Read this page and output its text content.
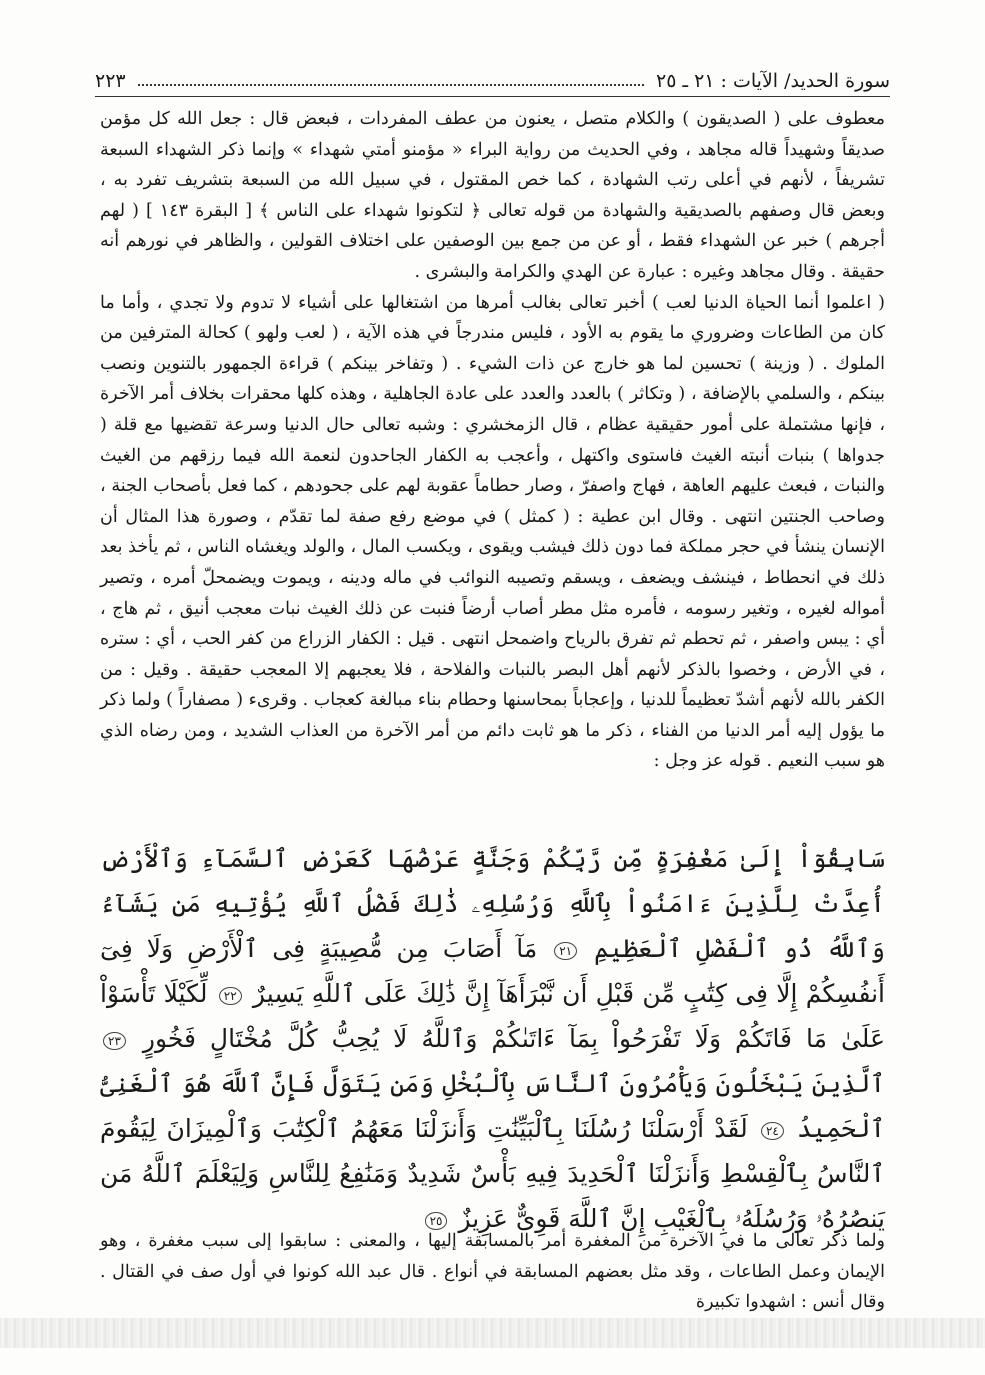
سورة الحديد/ الآيات : ٢١ ـ ٢٥
٢٢٣

معطوف على ( الصديقون ) والكلام متصل ، يعنون من عطف المفردات ، فبعض قال : جعل الله كل مؤمن صديقاً وشهيداً قاله مجاهد ، وفي الحديث من رواية البراء « مؤمنو أمتي شهداء » وإنما ذكر الشهداء السبعة تشريفاً ، لأنهم في أعلى رتب الشهادة ، كما خص المقتول ، في سبيل الله من السبعة بتشريف تفرد به ، وبعض قال وصفهم بالصديقية والشهادة من قوله تعالى ﴿ لتكونوا شهداء على الناس ﴾ [ البقرة ١٤٣ ] ( لهم أجرهم ) خبر عن الشهداء فقط ، أو عن من جمع بين الوصفين على اختلاف القولين ، والظاهر في نورهم أنه حقيقة . وقال مجاهد وغيره : عبارة عن الهدي والكرامة والبشرى .

( اعلموا أنما الحياة الدنيا لعب ) أخبر تعالى بغالب أمرها من اشتغالها على أشياء لا تدوم ولا تجدي ، وأما ما كان من الطاعات وضروري ما يقوم به الأود ، فليس مندرجاً في هذه الآية ، ( لعب ولهو ) كحالة المترفين من الملوك . ( وزينة ) تحسين لما هو خارج عن ذات الشيء . ( وتفاخر بينكم ) قراءة الجمهور بالتنوين ونصب بينكم ، والسلمي بالإضافة ، ( وتكاثر ) بالعدد والعدد على عادة الجاهلية ، وهذه كلها محقرات بخلاف أمر الآخرة ، فإنها مشتملة على أمور حقيقية عظام ، قال الزمخشري : وشبه تعالى حال الدنيا وسرعة تقضيها مع قلة ( جدواها ) بنبات أنبته الغيث فاستوى واكتهل ، وأعجب به الكفار الجاحدون لنعمة الله فيما رزقهم من الغيث والنبات ، فبعث عليهم العاهة ، فهاج واصفرّ ، وصار حطاماً عقوبة لهم على جحودهم ، كما فعل بأصحاب الجنة ، وصاحب الجنتين انتهى . وقال ابن عطية : ( كمثل ) في موضع رفع صفة لما تقدّم ، وصورة هذا المثال أن الإنسان ينشأ في حجر مملكة فما دون ذلك فيشب ويقوى ، ويكسب المال ، والولد ويغشاه الناس ، ثم يأخذ بعد ذلك في انحطاط ، فينشف ويضعف ، ويسقم وتصيبه النوائب في ماله ودينه ، ويموت ويضمحلّ أمره ، وتصير أمواله لغيره ، وتغير رسومه ، فأمره مثل مطر أصاب أرضاً فنبت عن ذلك الغيث نبات معجب أنيق ، ثم هاج ، أي : يبس واصفر ، ثم تحطم ثم تفرق بالرياح واضمحل انتهى . قيل : الكفار الزراع من كفر الحب ، أي : ستره ، في الأرض ، وخصوا بالذكر لأنهم أهل البصر بالنبات والفلاحة ، فلا يعجبهم إلا المعجب حقيقة . وقيل : من الكفر بالله لأنهم أشدّ تعظيماً للدنيا ، وإعجاباً بمحاسنها وحطام بناء مبالغة كعجاب . وقرىء ( مصفاراً ) ولما ذكر ما يؤول إليه أمر الدنيا من الفناء ، ذكر ما هو ثابت دائم من أمر الآخرة من العذاب الشديد ، ومن رضاه الذي هو سبب النعيم . قوله عز وجل :

سَابِقُوٓاْ إِلَىٰ مَغْفِرَةٍ مِّن رَّبِّكُمْ وَجَنَّةٍ عَرْضُهَا كَعَرْضِ ٱلسَّمَآءِ وَٱلْأَرْضِ أُعِدَّتْ لِلَّذِينَ ءَامَنُواْ بِٱللَّهِ وَرُسُلِهِۦ ذَٰلِكَ فَضْلُ ٱللَّهِ يُؤْتِيهِ مَن يَشَآءُ وَٱللَّهُ ذُو ٱلْفَضْلِ ٱلْعَظِيمِ ٢١ مَآ أَصَابَ مِن مُّصِيبَةٍ فِى ٱلْأَرْضِ وَلَا فِىٓ أَنفُسِكُمْ إِلَّا فِى كِتَٰبٍ مِّن قَبْلِ أَن نَّبْرَأَهَآ إِنَّ ذَٰلِكَ عَلَى ٱللَّهِ يَسِيرٌ ٢٢ لِّكَيْلَا تَأْسَوْاْ عَلَىٰ مَا فَاتَكُمْ وَلَا تَفْرَحُواْ بِمَآ ءَاتَىٰكُمْ وَٱللَّهُ لَا يُحِبُّ كُلَّ مُخْتَالٍ فَخُورٍ ٢٣ ٱلَّذِينَ يَبْخَلُونَ وَيَأْمُرُونَ ٱلنَّاسَ بِٱلْبُخْلِ وَمَن يَتَوَلَّ فَإِنَّ ٱللَّهَ هُوَ ٱلْغَنِىُّ ٱلْحَمِيدُ ٢٤ لَقَدْ أَرْسَلْنَا رُسُلَنَا بِٱلْبَيِّنَٰتِ وَأَنزَلْنَا مَعَهُمُ ٱلْكِتَٰبَ وَٱلْمِيزَانَ لِيَقُومَ ٱلنَّاسُ بِٱلْقِسْطِ وَأَنزَلْنَا ٱلْحَدِيدَ فِيهِ بَأْسٌ شَدِيدٌ وَمَنَٰفِعُ لِلنَّاسِ وَلِيَعْلَمَ ٱللَّهُ مَن يَنصُرُهُۥ وَرُسُلَهُۥ بِٱلْغَيْبِ إِنَّ ٱللَّهَ قَوِىٌّ عَزِيزٌ ٢٥

ولما ذكر تعالى ما في الآخرة من المغفرة أمر بالمسابقة إليها ، والمعنى : سابقوا إلى سبب مغفرة ، وهو الإيمان وعمل الطاعات ، وقد مثل بعضهم المسابقة في أنواع . قال عبد الله كونوا في أول صف في القتال . وقال أنس : اشهدوا تكبيرة
